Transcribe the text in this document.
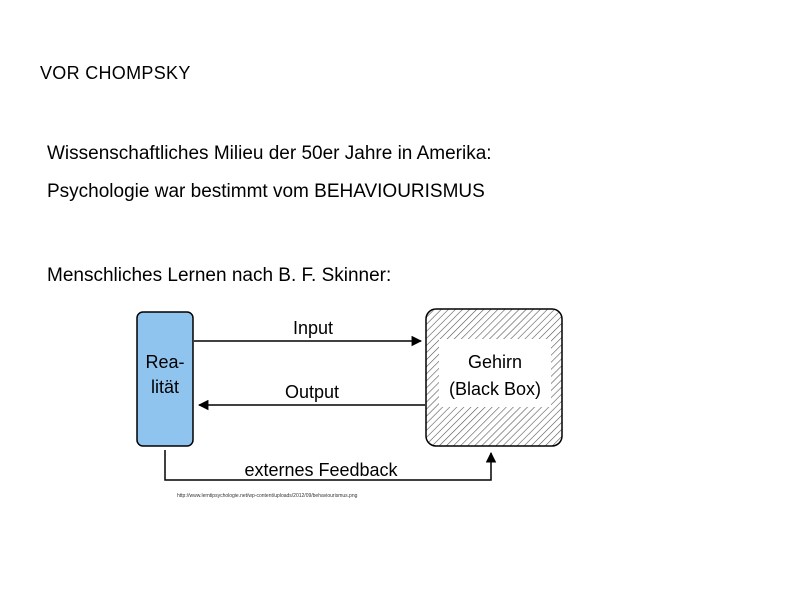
VOR CHOMPSKY
Wissenschaftliches Milieu der 50er Jahre in Amerika:
Psychologie war bestimmt vom BEHAVIOURISMUS
Menschliches Lernen nach B. F. Skinner:
Rea-
lität
Gehirn
(Black Box)
Input
Output
externes Feedback
http://www.lerntipsychologie.net/wp-content/uploads/2012/09/behaviourismus.png
